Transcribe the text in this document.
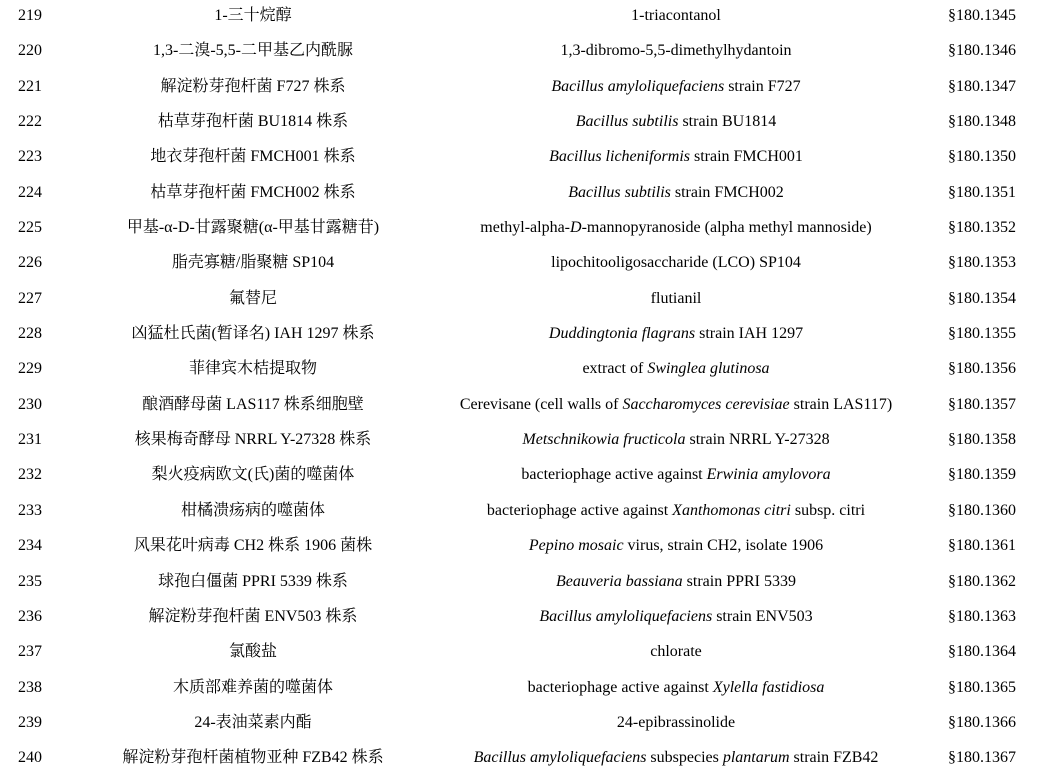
219	1-三十烷醇	1-triacontanol	§180.1345
220	1,3-二溴-5,5-二甲基乙内酰脲	1,3-dibromo-5,5-dimethylhydantoin	§180.1346
221	解淀粉芽孢杆菌 F727 株系	Bacillus amyloliquefaciens strain F727	§180.1347
222	枯草芽孢杆菌 BU1814 株系	Bacillus subtilis strain BU1814	§180.1348
223	地衣芽孢杆菌 FMCH001 株系	Bacillus licheniformis strain FMCH001	§180.1350
224	枯草芽孢杆菌 FMCH002 株系	Bacillus subtilis strain FMCH002	§180.1351
225	甲基-α-D-甘露聚糖(α-甲基甘露糖苷)	methyl-alpha-D-mannopyranoside (alpha methyl mannoside)	§180.1352
226	脂壳寡糖/脂聚糖 SP104	lipochitooligosaccharide (LCO) SP104	§180.1353
227	氟替尼	flutianil	§180.1354
228	凶猛杜氏菌(暂译名) IAH 1297 株系	Duddingtonia flagrans strain IAH 1297	§180.1355
229	菲律宾木桔提取物	extract of Swinglea glutinosa	§180.1356
230	酿酒酵母菌 LAS117 株系细胞壁	Cerevisane (cell walls of Saccharomyces cerevisiae strain LAS117)	§180.1357
231	核果梅奇酵母 NRRL Y-27328 株系	Metschnikowia fructicola strain NRRL Y-27328	§180.1358
232	梨火疫病欧文(氏)菌的噬菌体	bacteriophage active against Erwinia amylovora	§180.1359
233	柑橘溃疡病的噬菌体	bacteriophage active against Xanthomonas citri subsp. citri	§180.1360
234	风果花叶病毒 CH2 株系 1906 菌株	Pepino mosaic virus, strain CH2, isolate 1906	§180.1361
235	球孢白僵菌 PPRI 5339 株系	Beauveria bassiana strain PPRI 5339	§180.1362
236	解淀粉芽孢杆菌 ENV503 株系	Bacillus amyloliquefaciens strain ENV503	§180.1363
237	氯酸盐	chlorate	§180.1364
238	木质部难养菌的噬菌体	bacteriophage active against Xylella fastidiosa	§180.1365
239	24-表油菜素内酯	24-epibrassinolide	§180.1366
240	解淀粉芽孢杆菌植物亚种 FZB42 株系	Bacillus amyloliquefaciens subspecies plantarum strain FZB42	§180.1367
